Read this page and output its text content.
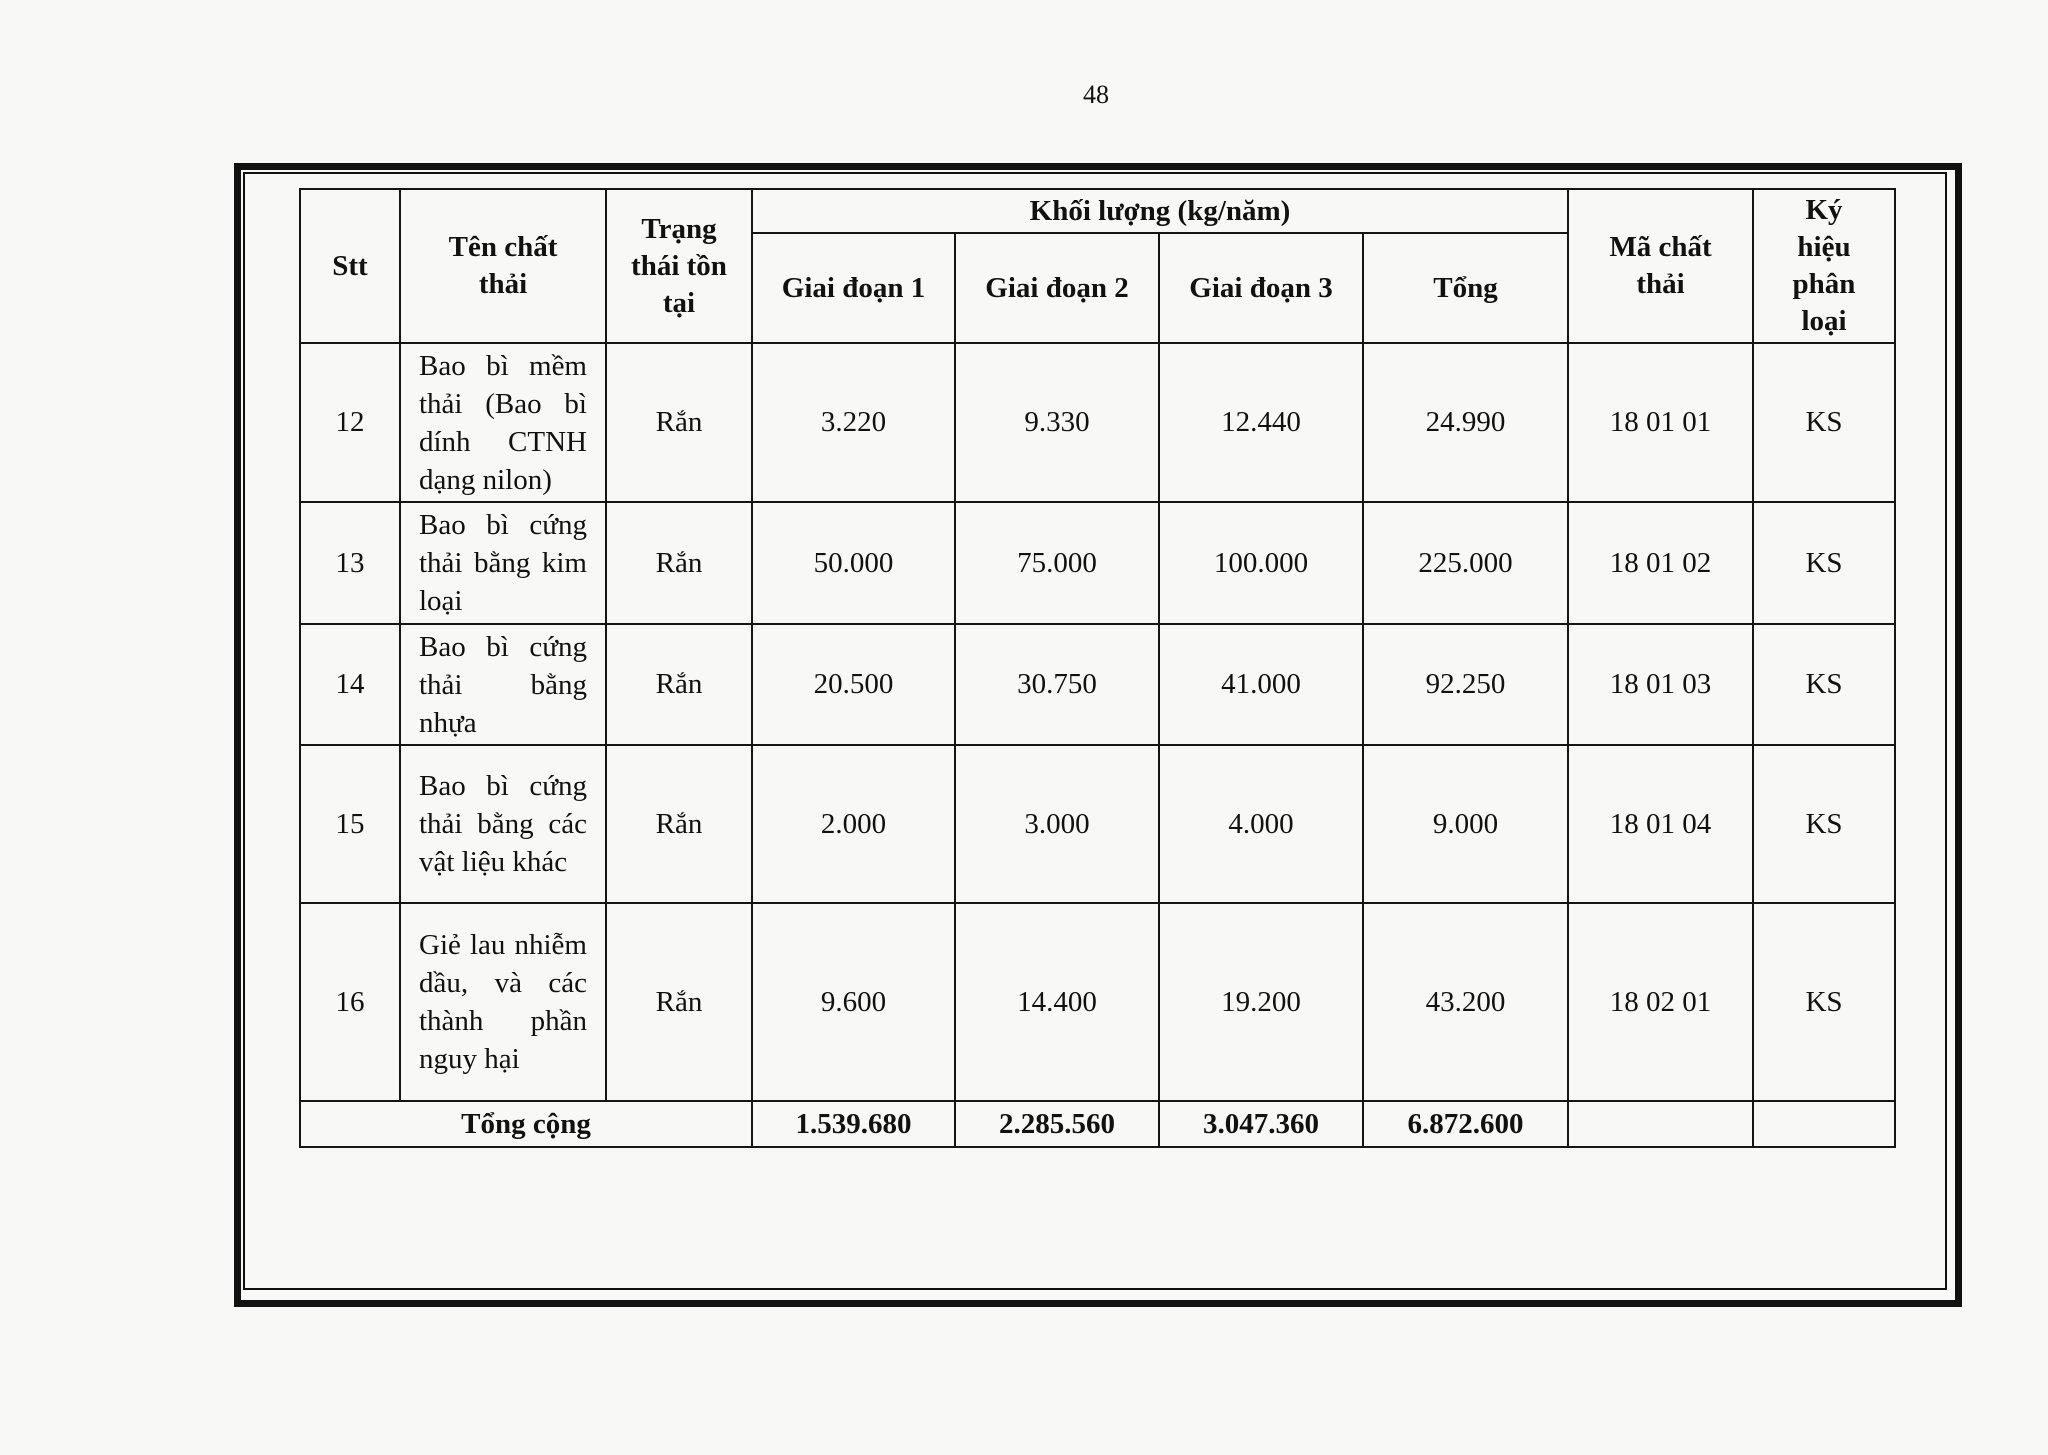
48
Stt	Tên chất thải	Trạng thái tồn tại	Khối lượng (kg/năm)				Mã chất thải	Ký hiệu phân loại
			Giai đoạn 1	Giai đoạn 2	Giai đoạn 3	Tổng		
12	Bao bì mềm thải (Bao bì dính CTNH dạng nilon)	Rắn	3.220	9.330	12.440	24.990	18 01 01	KS
13	Bao bì cứng thải bằng kim loại	Rắn	50.000	75.000	100.000	225.000	18 01 02	KS
14	Bao bì cứng thải bằng nhựa	Rắn	20.500	30.750	41.000	92.250	18 01 03	KS
15	Bao bì cứng thải bằng các vật liệu khác	Rắn	2.000	3.000	4.000	9.000	18 01 04	KS
16	Giẻ lau nhiễm dầu, và các thành phần nguy hại	Rắn	9.600	14.400	19.200	43.200	18 02 01	KS
Tổng cộng			1.539.680	2.285.560	3.047.360	6.872.600		
